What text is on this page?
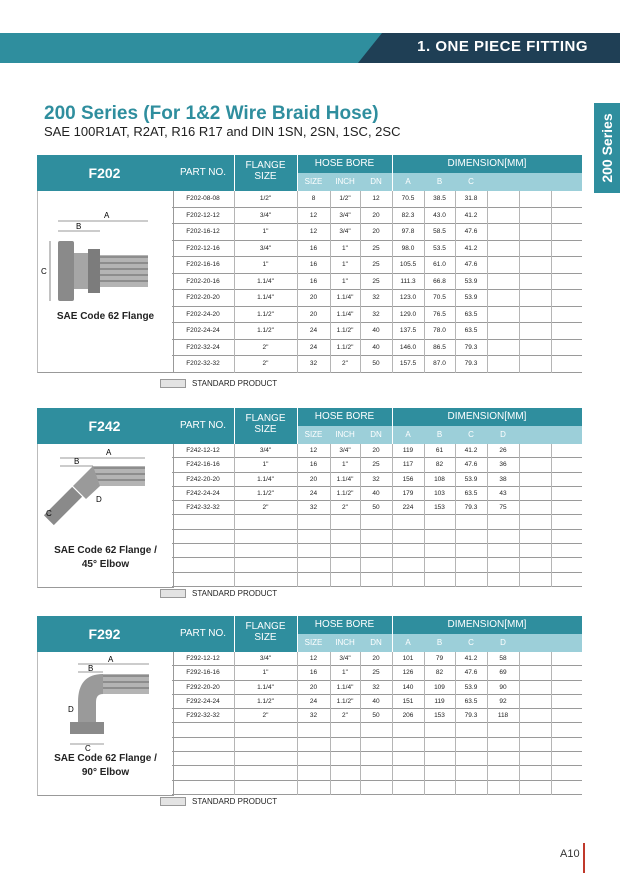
1. ONE PIECE FITTING
200 Series
200 Series (For 1&2 Wire Braid Hose)
SAE 100R1AT, R2AT, R16 R17 and DIN 1SN, 2SN, 1SC, 2SC
A
B
C
SAE Code 62 Flange
F202	PART NO.
FLANGE SIZE
HOSE BORE	DIMENSION[MM]
SIZE	INCH	DN	A	B	C
F202-08-08	1/2"	8	1/2"	12	70.5	38.5	31.8
F202-12-12	3/4"	12	3/4"	20	82.3	43.0	41.2
F202-16-12	1"	12	3/4"	20	97.8	58.5	47.6
F202-12-16	3/4"	16	1"	25	98.0	53.5	41.2
F202-16-16	1"	16	1"	25	105.5	61.0	47.6
F202-20-16	1.1/4"	16	1"	25	111.3	66.8	53.9
F202-20-20	1.1/4"	20	1.1/4"	32	123.0	70.5	53.9
F202-24-20	1.1/2"	20	1.1/4"	32	129.0	76.5	63.5
F202-24-24	1.1/2"	24	1.1/2"	40	137.5	78.0	63.5
F202-32-24	2"	24	1.1/2"	40	146.0	86.5	79.3
F202-32-32	2"	32	2"	50	157.5	87.0	79.3
STANDARD PRODUCT
A
B
C
D
SAE Code 62 Flange /
45° Elbow
F242	PART NO.
FLANGE SIZE
HOSE BORE	DIMENSION[MM]
SIZE	INCH	DN	A	B	C	D
F242-12-12	3/4"	12	3/4"	20	119	61	41.2	26
F242-16-16	1"	16	1"	25	117	82	47.6	36
F242-20-20	1.1/4"	20	1.1/4"	32	156	108	53.9	38
F242-24-24	1.1/2"	24	1.1/2"	40	179	103	63.5	43
F242-32-32	2"	32	2"	50	224	153	79.3	75
STANDARD PRODUCT
A
B
C
D
SAE Code 62 Flange /
90° Elbow
F292	PART NO.
FLANGE SIZE
HOSE BORE	DIMENSION[MM]
SIZE	INCH	DN	A	B	C	D
F292-12-12	3/4"	12	3/4"	20	101	79	41.2	58
F292-16-16	1"	16	1"	25	126	82	47.6	69
F292-20-20	1.1/4"	20	1.1/4"	32	140	109	53.9	90
F292-24-24	1.1/2"	24	1.1/2"	40	151	119	63.5	92
F292-32-32	2"	32	2"	50	206	153	79.3	118
STANDARD PRODUCT
A10
